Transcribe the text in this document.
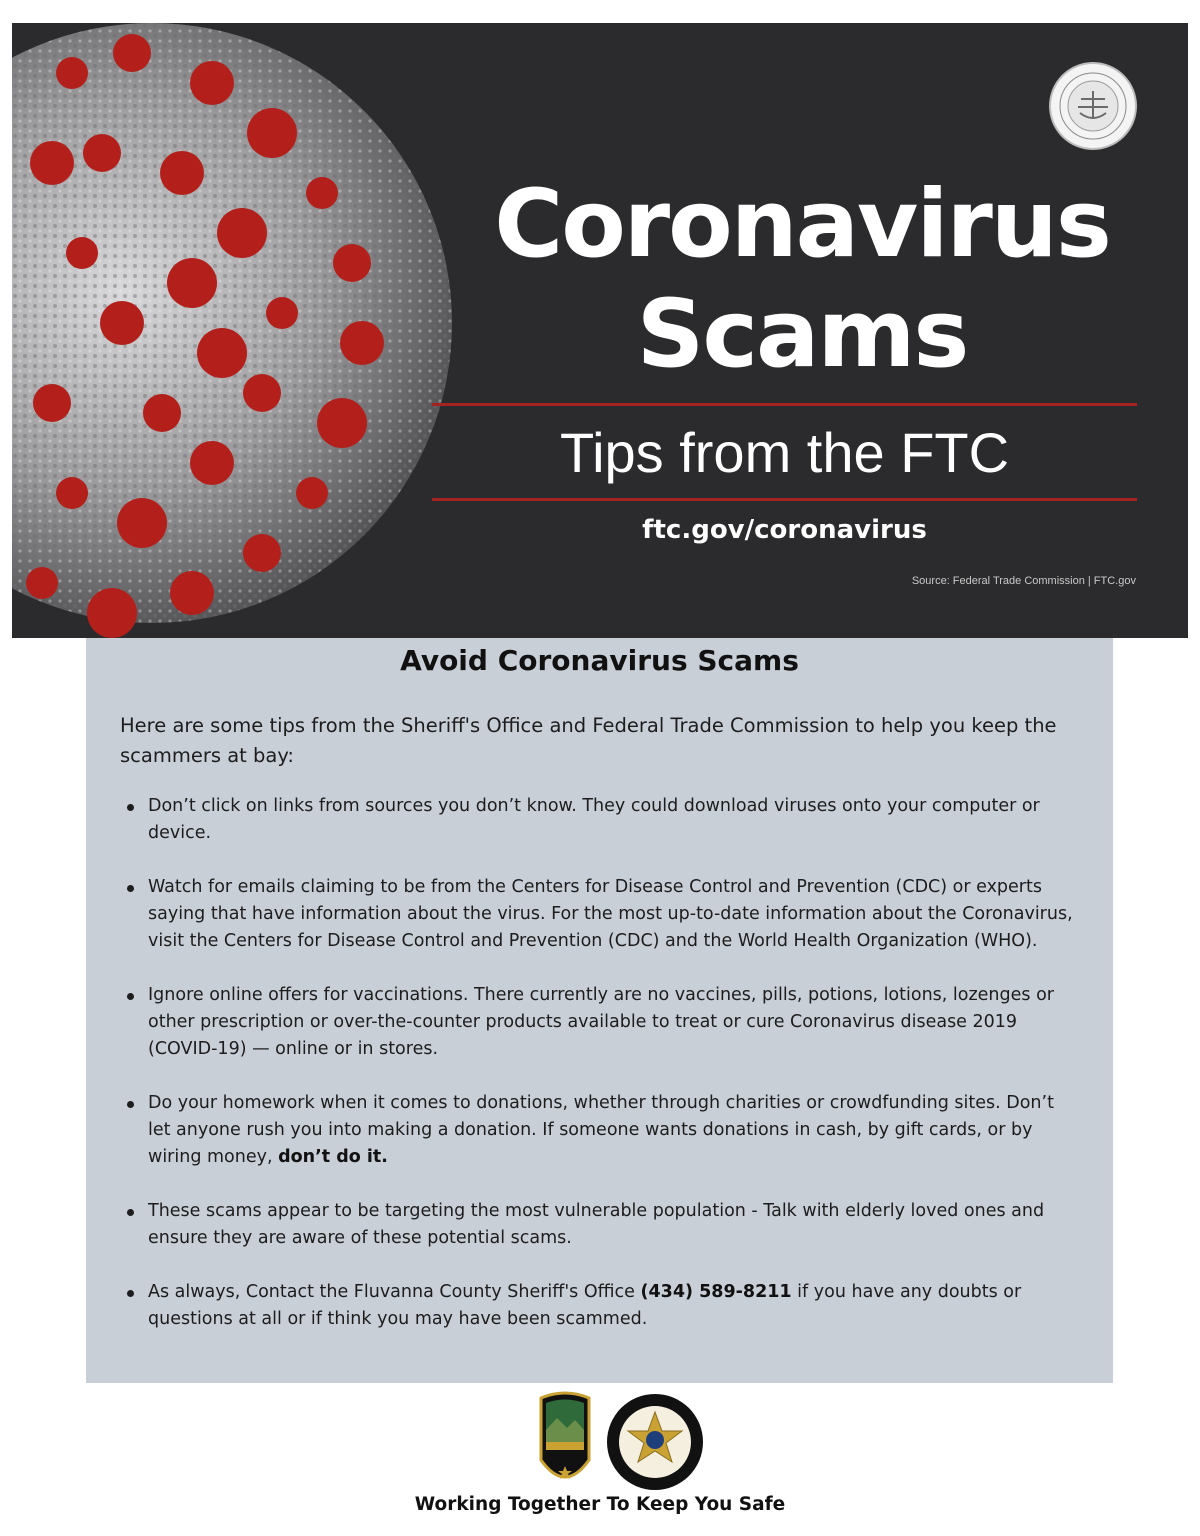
Coronavirus
Scams

Tips from the FTC

ftc.gov/coronavirus
Source: Federal Trade Commission | FTC.gov
Avoid Coronavirus Scams

Here are some tips from the Sheriff's Office and Federal Trade Commission to help you keep the scammers at bay:

Don’t click on links from sources you don’t know. They could download viruses onto your computer or device.
Watch for emails claiming to be from the Centers for Disease Control and Prevention (CDC) or experts saying that have information about the virus. For the most up-to-date information about the Coronavirus, visit the Centers for Disease Control and Prevention (CDC) and the World Health Organization (WHO).
Ignore online offers for vaccinations. There currently are no vaccines, pills, potions, lotions, lozenges or other prescription or over-the-counter products available to treat or cure Coronavirus disease 2019 (COVID-19) — online or in stores.
Do your homework when it comes to donations, whether through charities or crowdfunding sites. Don’t let anyone rush you into making a donation. If someone wants donations in cash, by gift cards, or by wiring money, don’t do it.
These scams appear to be targeting the most vulnerable population - Talk with elderly loved ones and ensure they are aware of these potential scams.
As always, Contact the Fluvanna County Sheriff's Office (434) 589-8211 if you have any doubts or questions at all or if think you may have been scammed.
Working Together To Keep You Safe
